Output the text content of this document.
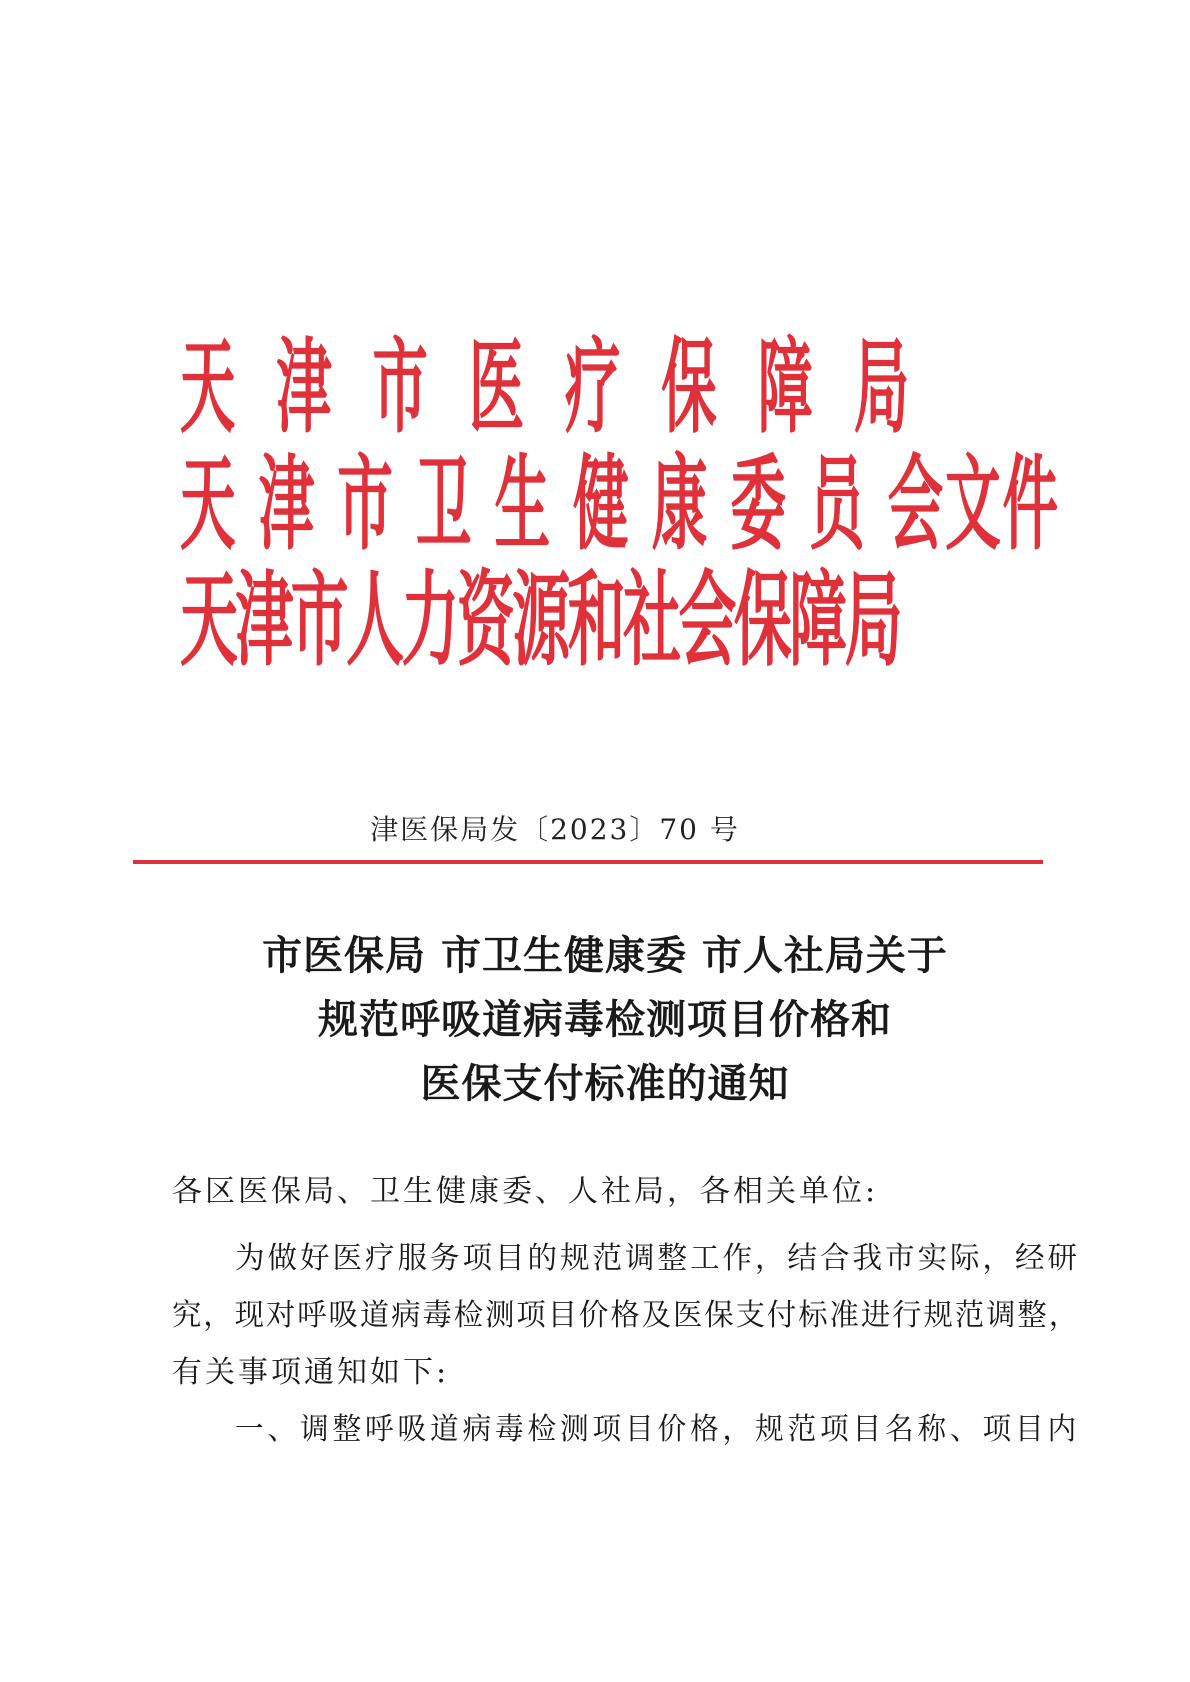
天 津 市 医 疗 保 障 局
天 津 市 卫 生 健 康 委 员 会文件
天津市人力资源和社会保障局
津医保局发〔2023〕70 号
市医保局 市卫生健康委 市人社局关于
规范呼吸道病毒检测项目价格和
医保支付标准的通知
各区医保局、卫生健康委、人社局，各相关单位:
为做好医疗服务项目的规范调整工作，结合我市实际，经研
究，现对呼吸道病毒检测项目价格及医保支付标准进行规范调整，
有关事项通知如下:
一、调整呼吸道病毒检测项目价格，规范项目名称、项目内
